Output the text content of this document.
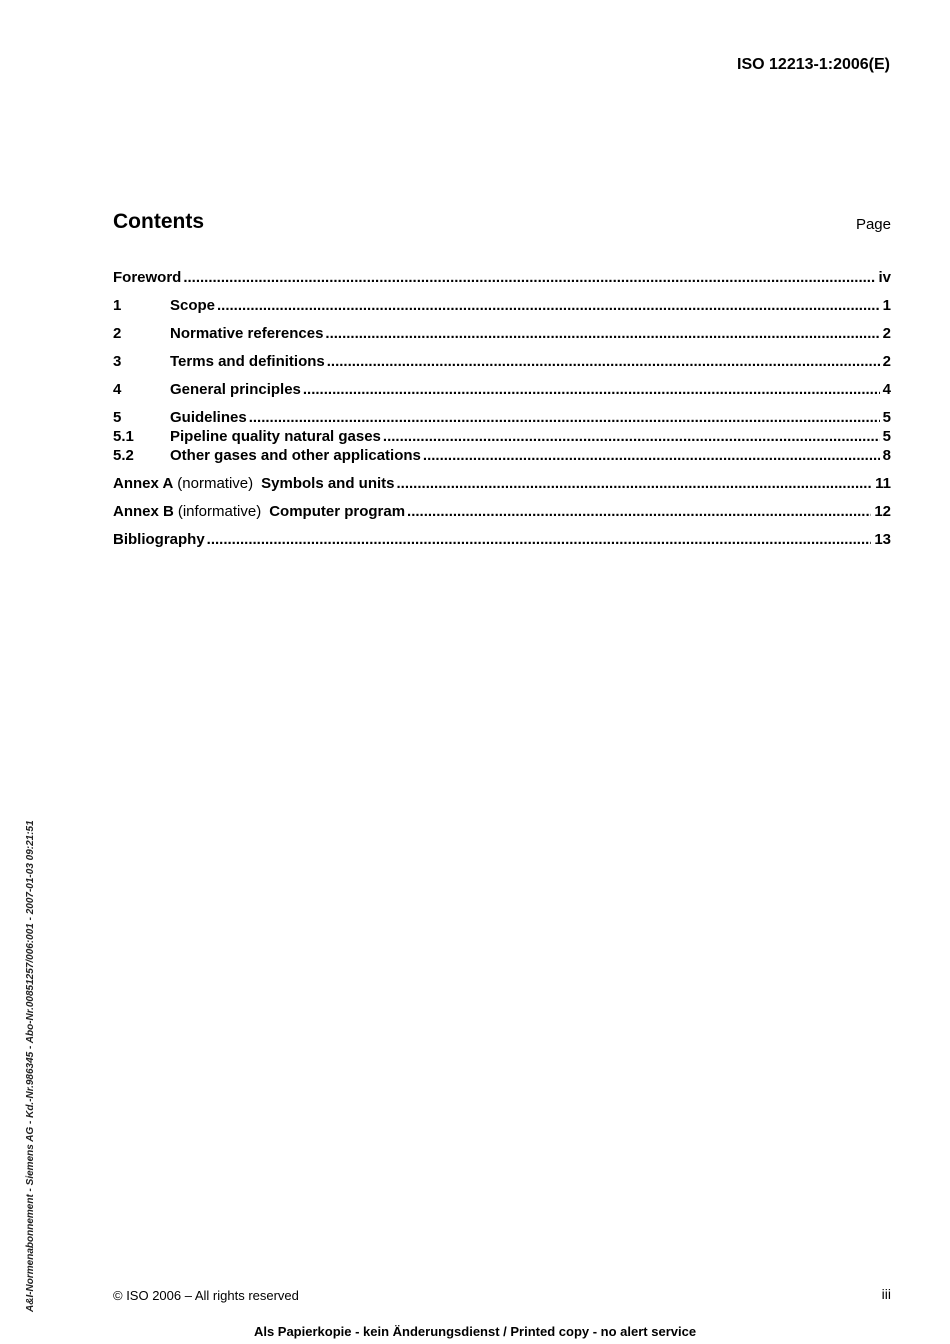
ISO 12213-1:2006(E)
Contents	Page
Foreword .....	iv
1	Scope .....	1
2	Normative references .....	2
3	Terms and definitions .....	2
4	General principles .....	4
5	Guidelines .....	5
5.1	Pipeline quality natural gases .....	5
5.2	Other gases and other applications .....	8
Annex A (normative) Symbols and units .....	11
Annex B (informative) Computer program .....	12
Bibliography .....	13
A&I-Normenabonnement - Siemens AG - Kd.-Nr.986345 - Abo-Nr.00851257/006:001 - 2007-01-03 09:21:51	© ISO 2006 – All rights reserved	iii
Als Papierkopie - kein Änderungsdienst / Printed copy - no alert service
